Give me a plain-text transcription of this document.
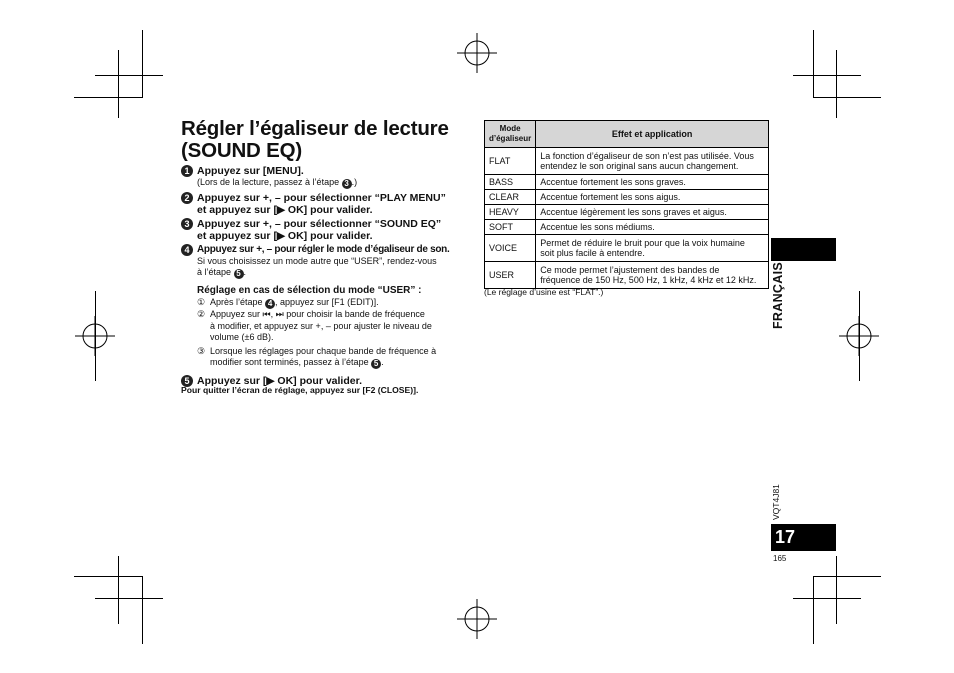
Régler l’égaliseur de lecture
(SOUND EQ)
1 Appuyez sur [MENU].
(Lors de la lecture, passez à l’étape 3 .)
2 Appuyez sur +, – pour sélectionner “PLAY MENU”
et appuyez sur [▶ OK] pour valider.
3 Appuyez sur +, – pour sélectionner “SOUND EQ”
et appuyez sur [▶ OK] pour valider.
4 Appuyez sur +, – pour régler le mode d’égaliseur de son.
Si vous choisissez un mode autre que “USER”, rendez-vous
à l’étape 5 .
Réglage en cas de sélection du mode “USER” :
① Après l’étape 4 , appuyez sur [F1 (EDIT)].
② Appuyez sur ⏮, ⏭ pour choisir la bande de fréquence
à modifier, et appuyez sur +, – pour ajuster le niveau de
volume (±6 dB).
③ Lorsque les réglages pour chaque bande de fréquence à
modifier sont terminés, passez à l’étape 5 .
5 Appuyez sur [▶ OK] pour valider.
Pour quitter l’écran de réglage, appuyez sur [F2 (CLOSE)].
Mode
d’égaliseur	Effet et application
FLAT	La fonction d’égaliseur de son n’est pas utilisée. Vous
entendez le son original sans aucun changement.

BASS	Accentue fortement les sons graves.
CLEAR	Accentue fortement les sons aigus.
HEAVY	Accentue légèrement les sons graves et aigus.
SOFT	Accentue les sons médiums.
VOICE	Permet de réduire le bruit pour que la voix humaine
soit plus facile à entendre.

USER	Ce mode permet l’ajustement des bandes de
fréquence de 150 Hz, 500 Hz, 1 kHz, 4 kHz et 12 kHz.
(Le réglage d’usine est “FLAT”.)	FRANÇAIS
VQT4J81
17
165
